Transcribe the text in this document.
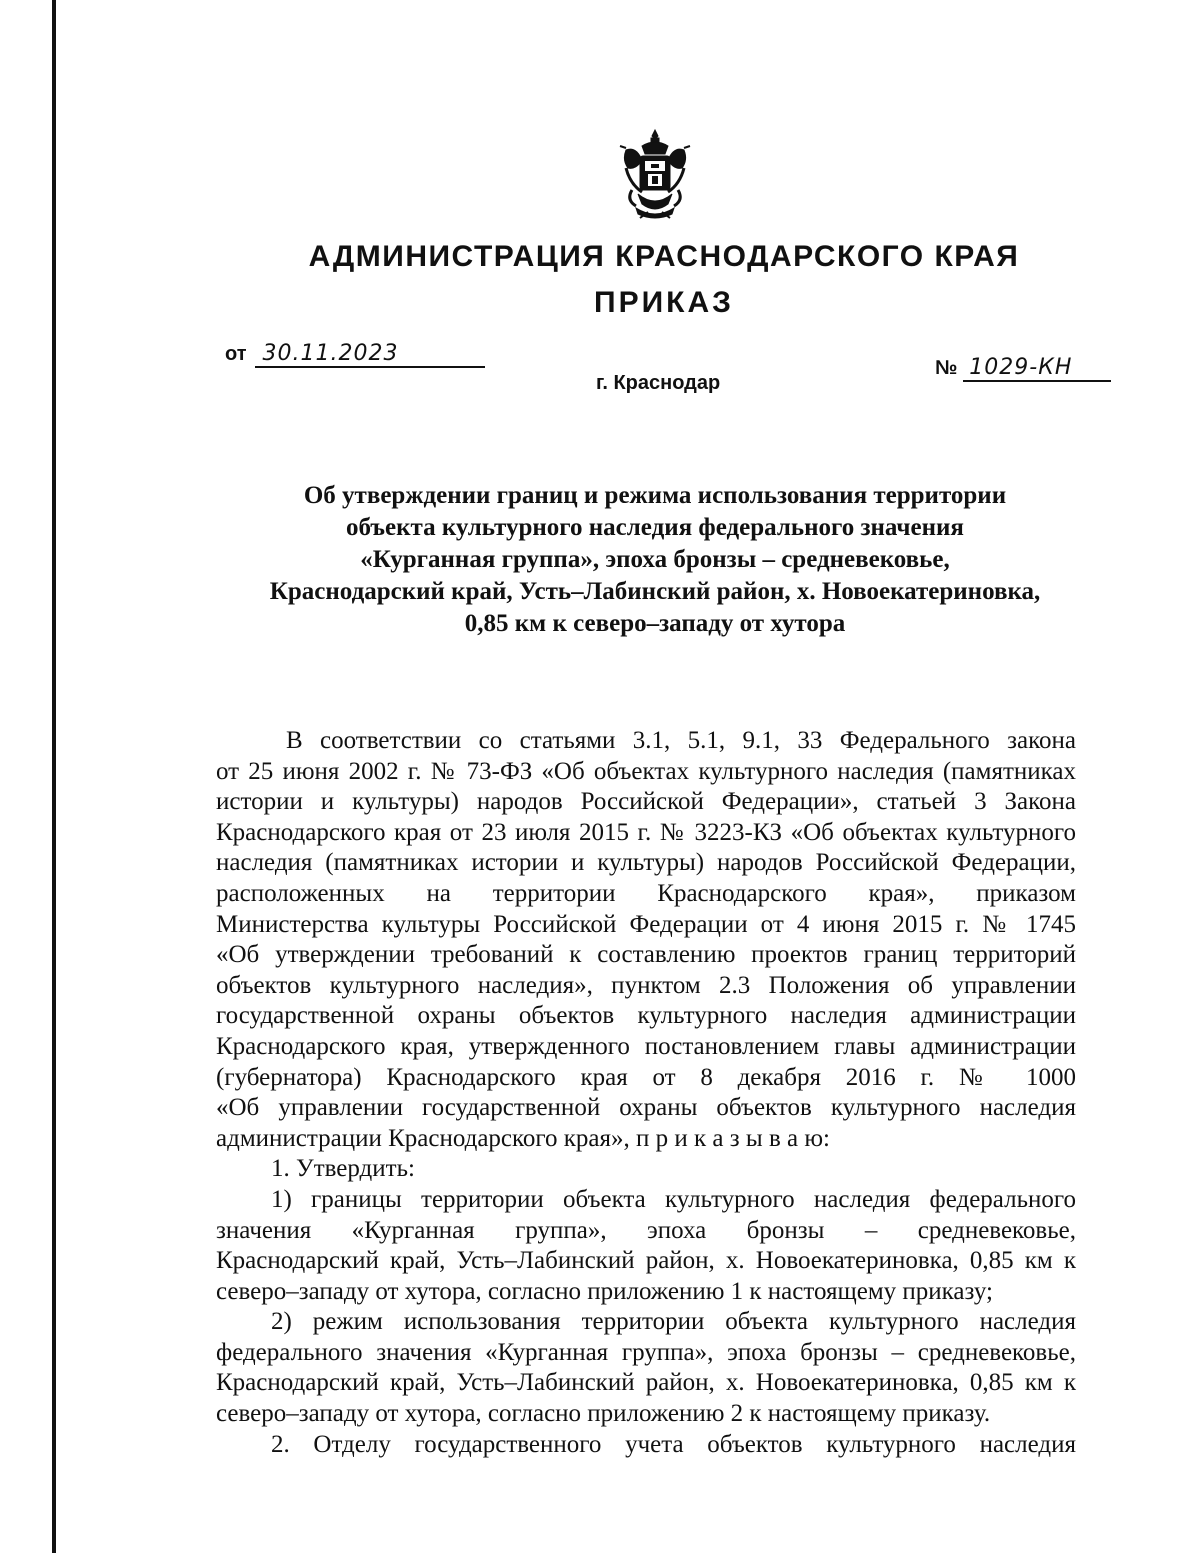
АДМИНИСТРАЦИЯ КРАСНОДАРСКОГО КРАЯ
ПРИКАЗ
от 30.11.2023
№ 1029-КН
г. Краснодар
Об утверждении границ и режима использования территории
объекта культурного наследия федерального значения
«Курганная группа», эпоха бронзы – средневековье,
Краснодарский край, Усть–Лабинский район, х. Новоекатериновка,
0,85 км к северо–западу от хутора
В соответствии со статьями 3.1, 5.1, 9.1, 33 Федерального закона
от 25 июня 2002 г. № 73-ФЗ «Об объектах культурного наследия (памятниках
истории и культуры) народов Российской Федерации», статьей 3 Закона
Краснодарского края от 23 июля 2015 г. № 3223-КЗ «Об объектах культурного
наследия (памятниках истории и культуры) народов Российской Федерации,
расположенных на территории Краснодарского края», приказом
Министерства культуры Российской Федерации от 4 июня 2015 г. № 1745
«Об утверждении требований к составлению проектов границ территорий
объектов культурного наследия», пунктом 2.3 Положения об управлении
государственной охраны объектов культурного наследия администрации
Краснодарского края, утвержденного постановлением главы администрации
(губернатора) Краснодарского края от 8 декабря 2016 г. № 1000
«Об управлении государственной охраны объектов культурного наследия
администрации Краснодарского края», п р и к а з ы в а ю:
1. Утвердить:
1) границы территории объекта культурного наследия федерального
значения «Курганная группа», эпоха бронзы – средневековье,
Краснодарский край, Усть–Лабинский район, х. Новоекатериновка, 0,85 км к
северо–западу от хутора, согласно приложению 1 к настоящему приказу;
2) режим использования территории объекта культурного наследия
федерального значения «Курганная группа», эпоха бронзы – средневековье,
Краснодарский край, Усть–Лабинский район, х. Новоекатериновка, 0,85 км к
северо–западу от хутора, согласно приложению 2 к настоящему приказу.
2. Отделу государственного учета объектов культурного наследия
